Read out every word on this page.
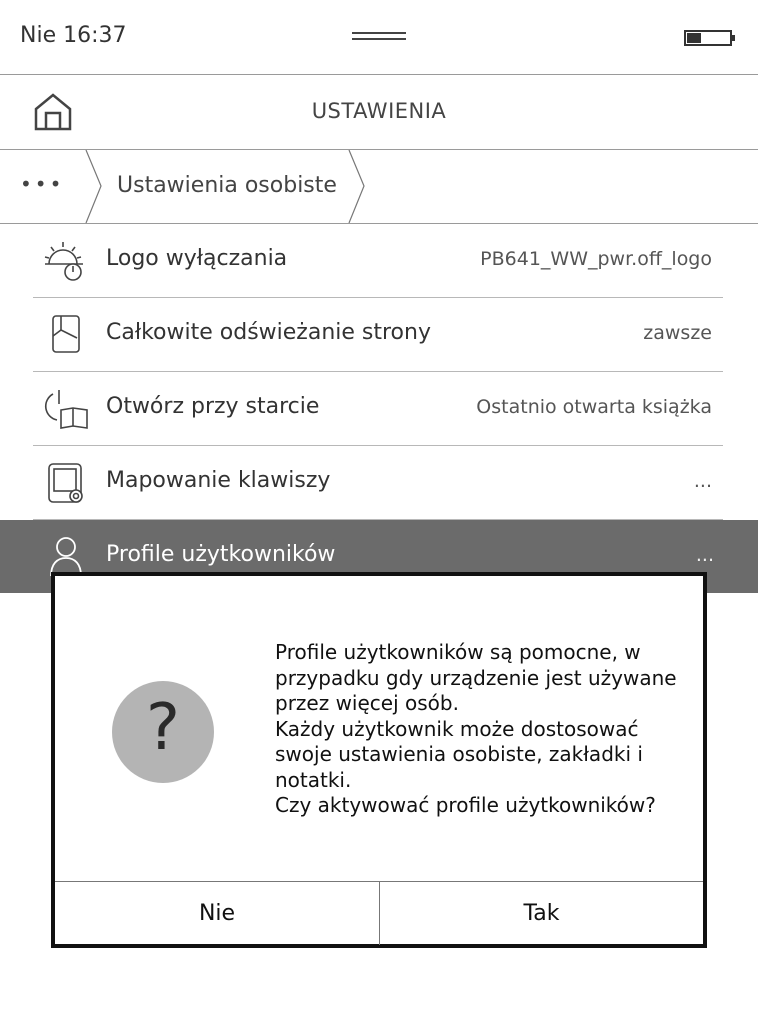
Nie 16:37
USTAWIENIA
••• Ustawienia osobiste
Logo wyłączania	PB641_WW_pwr.off_logo
Całkowite odświeżanie strony	zawsze
Otwórz przy starcie	Ostatnio otwarta książka
Mapowanie klawiszy	...
Profile użytkowników	...
?
Profile użytkowników są pomocne, w
przypadku gdy urządzenie jest używane
przez więcej osób.
Każdy użytkownik może dostosować
swoje ustawienia osobiste, zakładki i
notatki.
Czy aktywować profile użytkowników?
Nie	Tak
